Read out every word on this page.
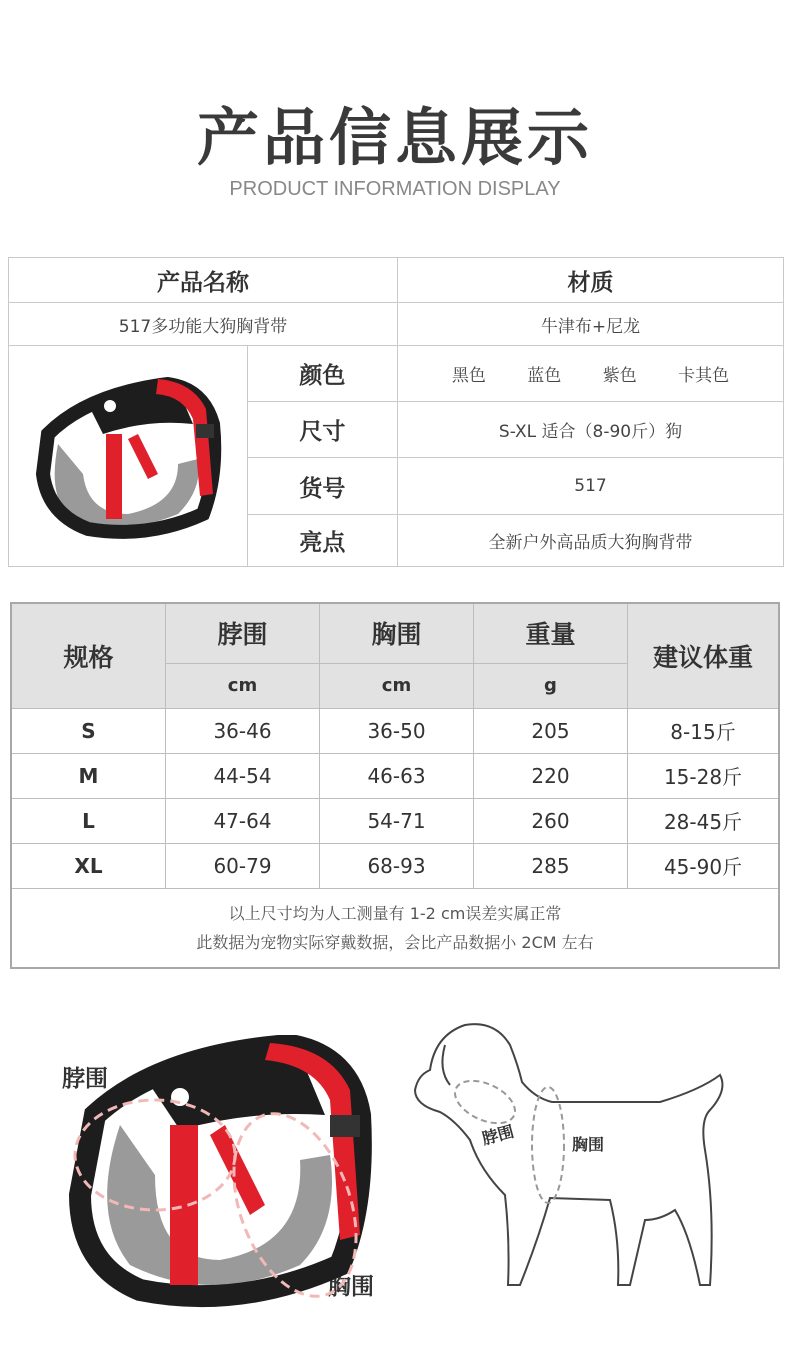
产品信息展示
PRODUCT INFORMATION DISPLAY
产品名称		材质
517多功能大狗胸背带		牛津布+尼龙
	颜色	黑色 蓝色 紫色 卡其色
	尺寸	S-XL 适合（8-90斤）狗
	货号	517
	亮点	全新户外高品质大狗胸背带
规格	脖围	胸围	重量	建议体重
	cm	cm	g	
S	36-46	36-50	205	8-15斤
M	44-54	46-63	220	15-28斤
L	47-64	54-71	260	28-45斤
XL	60-79	68-93	285	45-90斤

以上尺寸均为人工测量有 1-2 cm误差实属正常
此数据为宠物实际穿戴数据，会比产品数据小 2CM 左右				
脖围
胸围
脖围	胸围
